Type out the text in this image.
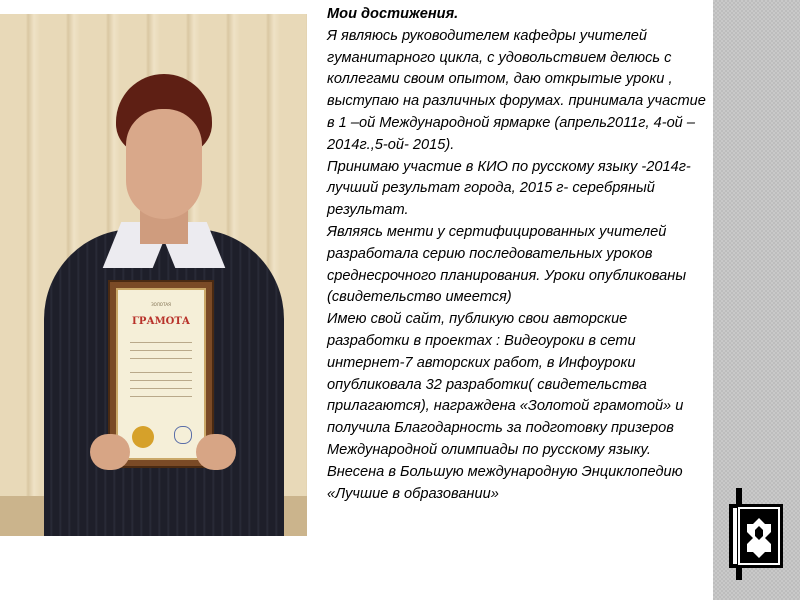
ЗОЛОТАЯ
ГРАМОТА
Мои достижения.
Я являюсь руководителем кафедры учителей гуманитарного цикла, с удовольствием делюсь с коллегами своим опытом, даю открытые уроки , выступаю на различных форумах. принимала участие в 1 –ой Международной ярмарке (апрель2011г, 4-ой – 2014г.,5-ой- 2015).
Принимаю участие в КИО по русскому языку -2014г- лучший результат города, 2015 г- серебряный результат.
Являясь менти у сертифицированных учителей разработала серию последовательных уроков среднесрочного планирования. Уроки опубликованы (свидетельство имеется)
Имею свой сайт, публикую свои авторские разработки в проектах : Видеоуроки в сети интернет-7 авторских работ, в Инфоуроки опубликовала 32 разработки( свидетельства прилагаются), награждена «Золотой грамотой» и получила Благодарность за подготовку призеров Международной олимпиады по русскому языку.
Внесена в Большую международную Энциклопедию «Лучшие в образовании»
